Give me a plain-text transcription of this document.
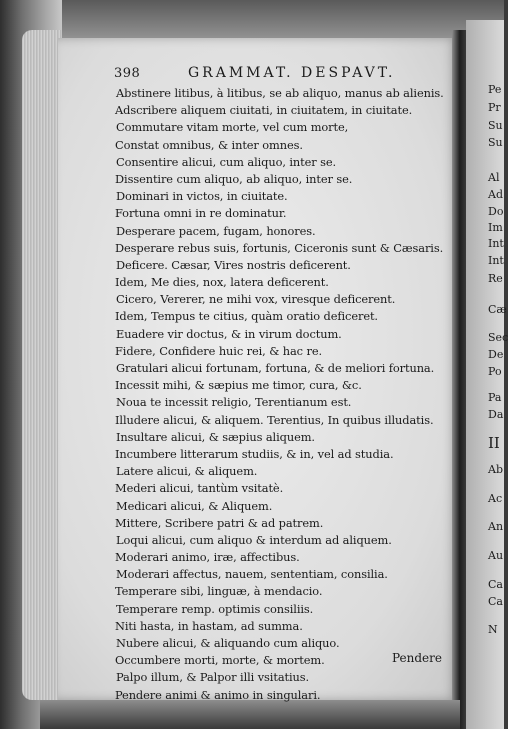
398	GRAMMAT. DESPAVT.
Abstinere litibus, à litibus, se ab aliquo, manus ab alienis.
Adscribere aliquem ciuitati, in ciuitatem, in ciuitate.
Commutare vitam morte, vel cum morte,
Constat omnibus, & inter omnes.
Consentire alicui, cum aliquo, inter se.
Dissentire cum aliquo, ab aliquo, inter se.
Dominari in victos, in ciuitate.
Fortuna omni in re dominatur.
Desperare pacem, fugam, honores.
Desperare rebus suis, fortunis, Ciceronis sunt & Cæsaris.
Deficere. Cæsar, Vires nostris deficerent.
Idem, Me dies, nox, latera deficerent.
Cicero, Vererer, ne mihi vox, viresque deficerent.
Idem, Tempus te citius, quàm oratio deficeret.
Euadere vir doctus, & in virum doctum.
Fidere, Confidere huic rei, & hac re.
Gratulari alicui fortunam, fortuna, & de meliori fortuna.
Incessit mihi, & sæpius me timor, cura, &c.
Noua te incessit religio, Terentianum est.
Illudere alicui, & aliquem. Terentius, In quibus illudatis.
Insultare alicui, & sæpius aliquem.
Incumbere litterarum studiis, & in, vel ad studia.
Latere alicui, & aliquem.
Mederi alicui, tantùm vsitatè.
Medicari alicui, & Aliquem.
Mittere, Scribere patri & ad patrem.
Loqui alicui, cum aliquo & interdum ad aliquem.
Moderari animo, iræ, affectibus.
Moderari affectus, nauem, sententiam, consilia.
Temperare sibi, linguæ, à mendacio.
Temperare remp. optimis consiliis.
Niti hasta, in hastam, ad summa.
Nubere alicui, & aliquando cum aliquo.
Occumbere morti, morte, & mortem.
Palpo illum, & Palpor illi vsitatius.
Pendere animi & animo in singulari.
Pendere
Pe
Pr
Su
Su
Al
Ad
Do
Im
Int
Int
Re
Cæ
Sec
De
Po
Pa
Da
II
Ab
Ac
An
Au
Ca
Ca
N
